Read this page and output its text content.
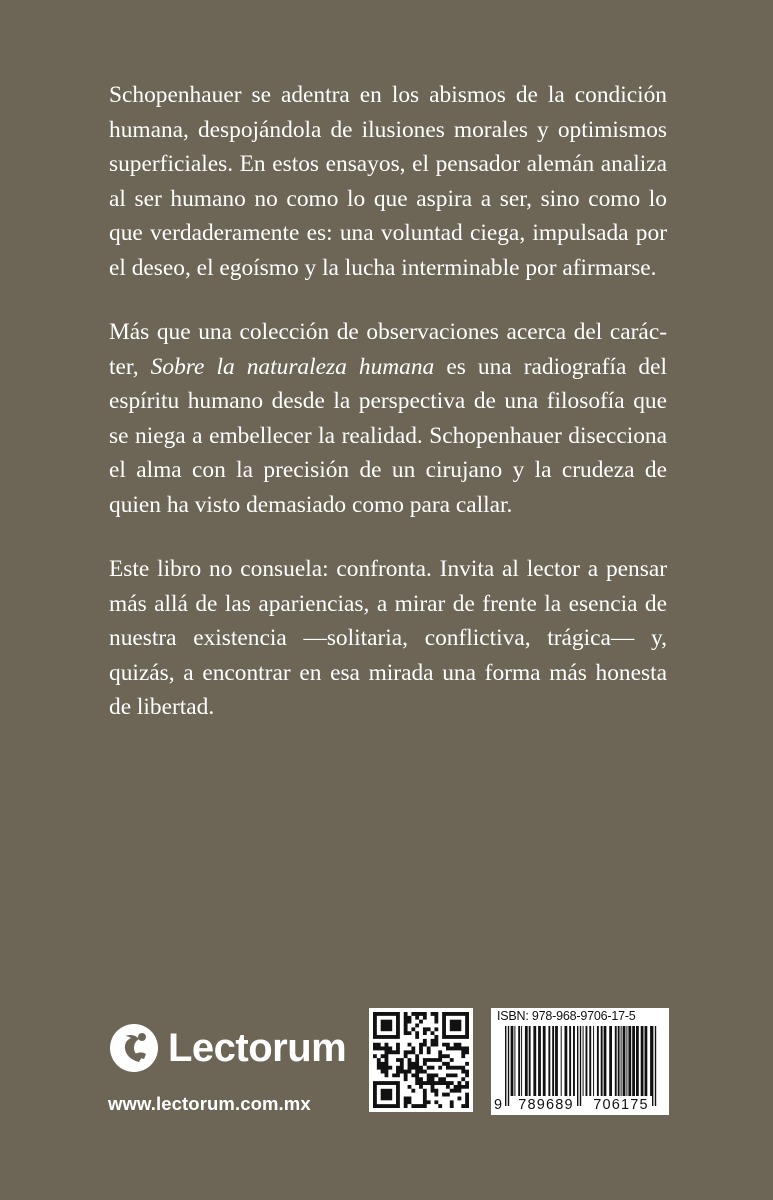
Schopenhauer se adentra en los abismos de la condición humana, despojándola de ilusiones morales y optimismos superficiales. En estos ensayos, el pensador alemán analiza al ser humano no como lo que aspira a ser, sino como lo que verdaderamente es: una voluntad ciega, impulsada por el deseo, el egoísmo y la lucha interminable por afirmarse.

Más que una colección de observaciones acerca del carácter, Sobre la naturaleza humana es una radiografía del espíritu humano desde la perspectiva de una filosofía que se niega a embellecer la realidad. Schopenhauer disecciona el alma con la precisión de un cirujano y la crudeza de quien ha visto demasiado como para callar.

Este libro no consuela: confronta. Invita al lector a pensar más allá de las apariencias, a mirar de frente la esencia de nuestra existencia —solitaria, conflictiva, trágica— y, quizás, a encontrar en esa mirada una forma más honesta de libertad.

Lectorum
www.lectorum.com.mx
ISBN: 978-968-9706-17-5
9	789689	706175
